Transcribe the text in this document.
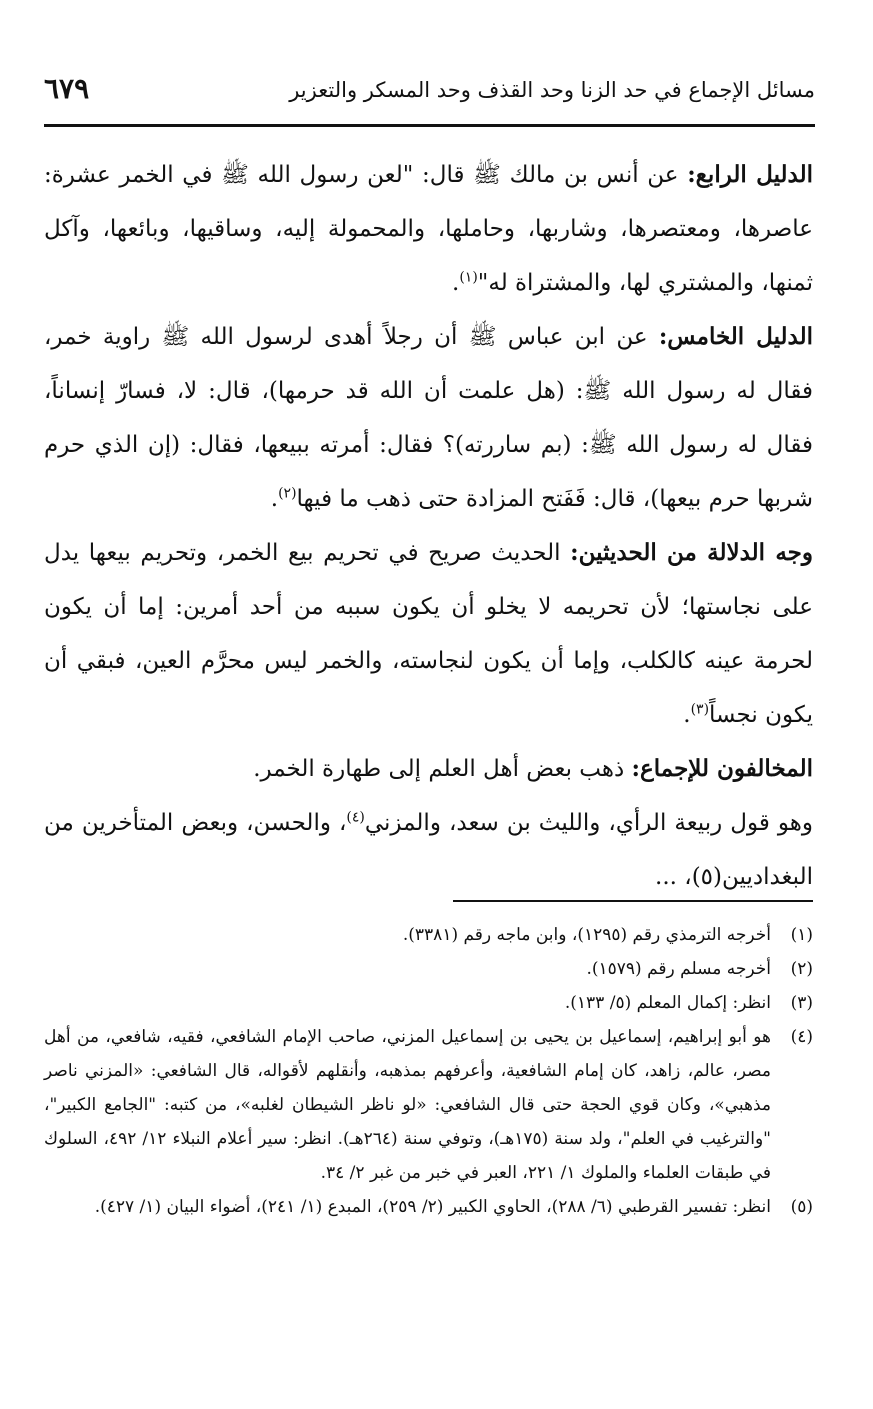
مسائل الإجماع في حد الزنا وحد القذف وحد المسكر والتعزير
٦٧٩

الدليل الرابع: عن أنس بن مالك ﷺ قال: "لعن رسول الله ﷺ في الخمر عشرة: عاصرها، ومعتصرها، وشاربها، وحاملها، والمحمولة إليه، وساقيها، وبائعها، وآكل ثمنها، والمشتري لها، والمشتراة له"$^{(١)}$.

الدليل الخامس: عن ابن عباس ﷺ أن رجلاً أهدى لرسول الله ﷺ راوية خمر، فقال له رسول الله ﷺ: (هل علمت أن الله قد حرمها)، قال: لا، فسارّ إنساناً، فقال له رسول الله ﷺ: (بم ساررته)؟ فقال: أمرته ببيعها، فقال: (إن الذي حرم شربها حرم بيعها)، قال: فَفَتح المزادة حتى ذهب ما فيها$^{(٢)}$.

وجه الدلالة من الحديثين: الحديث صريح في تحريم بيع الخمر، وتحريم بيعها يدل على نجاستها؛ لأن تحريمه لا يخلو أن يكون سببه من أحد أمرين: إما أن يكون لحرمة عينه كالكلب، وإما أن يكون لنجاسته، والخمر ليس محرَّم العين، فبقي أن يكون نجساً$^{(٣)}$.

المخالفون للإجماع: ذهب بعض أهل العلم إلى طهارة الخمر.

وهو قول ربيعة الرأي، والليث بن سعد، والمزني$^{(٤)}$، والحسن، وبعض المتأخرين من البغداديين(٥)، ...

(١)
أخرجه الترمذي رقم (١٢٩٥)، وابن ماجه رقم (٣٣٨١).
(٢)
أخرجه مسلم رقم (١٥٧٩).
(٣)
انظر: إكمال المعلم (٥/ ١٣٣).
(٤)
هو أبو إبراهيم، إسماعيل بن يحيى بن إسماعيل المزني، صاحب الإمام الشافعي، فقيه، شافعي، من أهل مصر، عالم، زاهد، كان إمام الشافعية، وأعرفهم بمذهبه، وأنقلهم لأقواله، قال الشافعي: «المزني ناصر مذهبي»، وكان قوي الحجة حتى قال الشافعي: «لو ناظر الشيطان لغلبه»، من كتبه: "الجامع الكبير"، "والترغيب في العلم"، ولد سنة (١٧٥هـ)، وتوفي سنة (٢٦٤هـ). انظر: سير أعلام النبلاء ١٢/ ٤٩٢، السلوك في طبقات العلماء والملوك ١/ ٢٢١، العبر في خبر من غبر ٢/ ٣٤.
(٥)
انظر: تفسير القرطبي (٦/ ٢٨٨)، الحاوي الكبير (٢/ ٢٥٩)، المبدع (١/ ٢٤١)، أضواء البيان (١/ ٤٢٧).
